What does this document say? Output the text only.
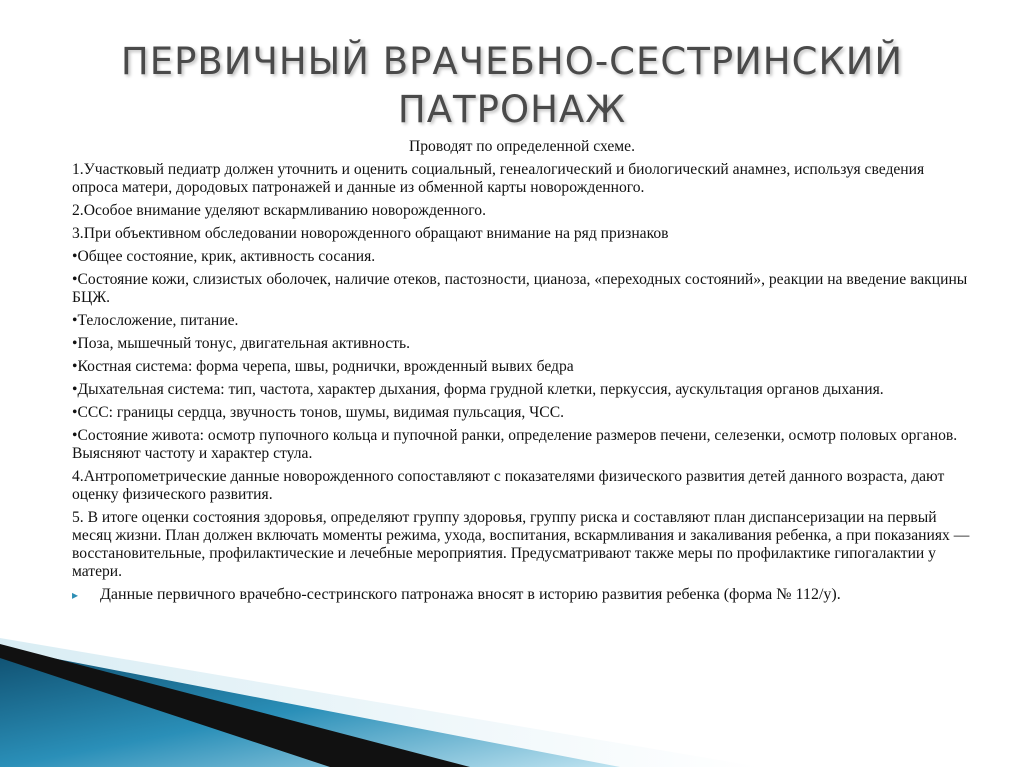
ПЕРВИЧНЫЙ ВРАЧЕБНО-СЕСТРИНСКИЙ
ПАТРОНАЖ

Проводят по определенной схеме.

1.Участковый педиатр должен уточнить и оценить социальный, генеалогический и биологический анамнез, используя сведения опроса матери, дородовых патронажей и данные из обменной карты новорожденного.

2.Особое внимание уделяют вскармливанию новорожденного.

3.При объективном обследовании новорожденного обращают внимание на ряд признаков

•Общее состояние, крик, активность сосания.

•Состояние кожи, слизистых оболочек, наличие отеков, пастозности, цианоза, «переходных состояний», реакции на введение вакцины БЦЖ.

•Телосложение, питание.

•Поза, мышечный тонус, двигательная активность.

•Костная система: форма черепа, швы, роднички, врожденный вывих бедра

•Дыхательная система: тип, частота, характер дыхания, форма грудной клетки, перкуссия, аускультация органов дыхания.

•ССС: границы сердца, звучность тонов, шумы, видимая пульсация, ЧСС.

•Состояние живота: осмотр пупочного кольца и пупочной ранки, определение размеров печени, селезенки, осмотр половых органов. Выясняют частоту и характер стула.

4.Антропометрические данные новорожденного сопоставляют с показателями физического развития детей данного возраста, дают оценку физического развития.

5. В итоге оценки состояния здоровья, определяют группу здоровья, группу риска и составляют план диспансеризации на первый месяц жизни. План должен включать моменты режима, ухода, воспитания, вскармливания и закаливания ребенка, а при показаниях — восстановительные, профилактические и лечебные мероприятия. Предусматривают также меры по профилактике гипогалактии у матери.

▸	Данные первичного врачебно-сестринского патронажа вносят в историю развития ребенка (форма № 112/у).
